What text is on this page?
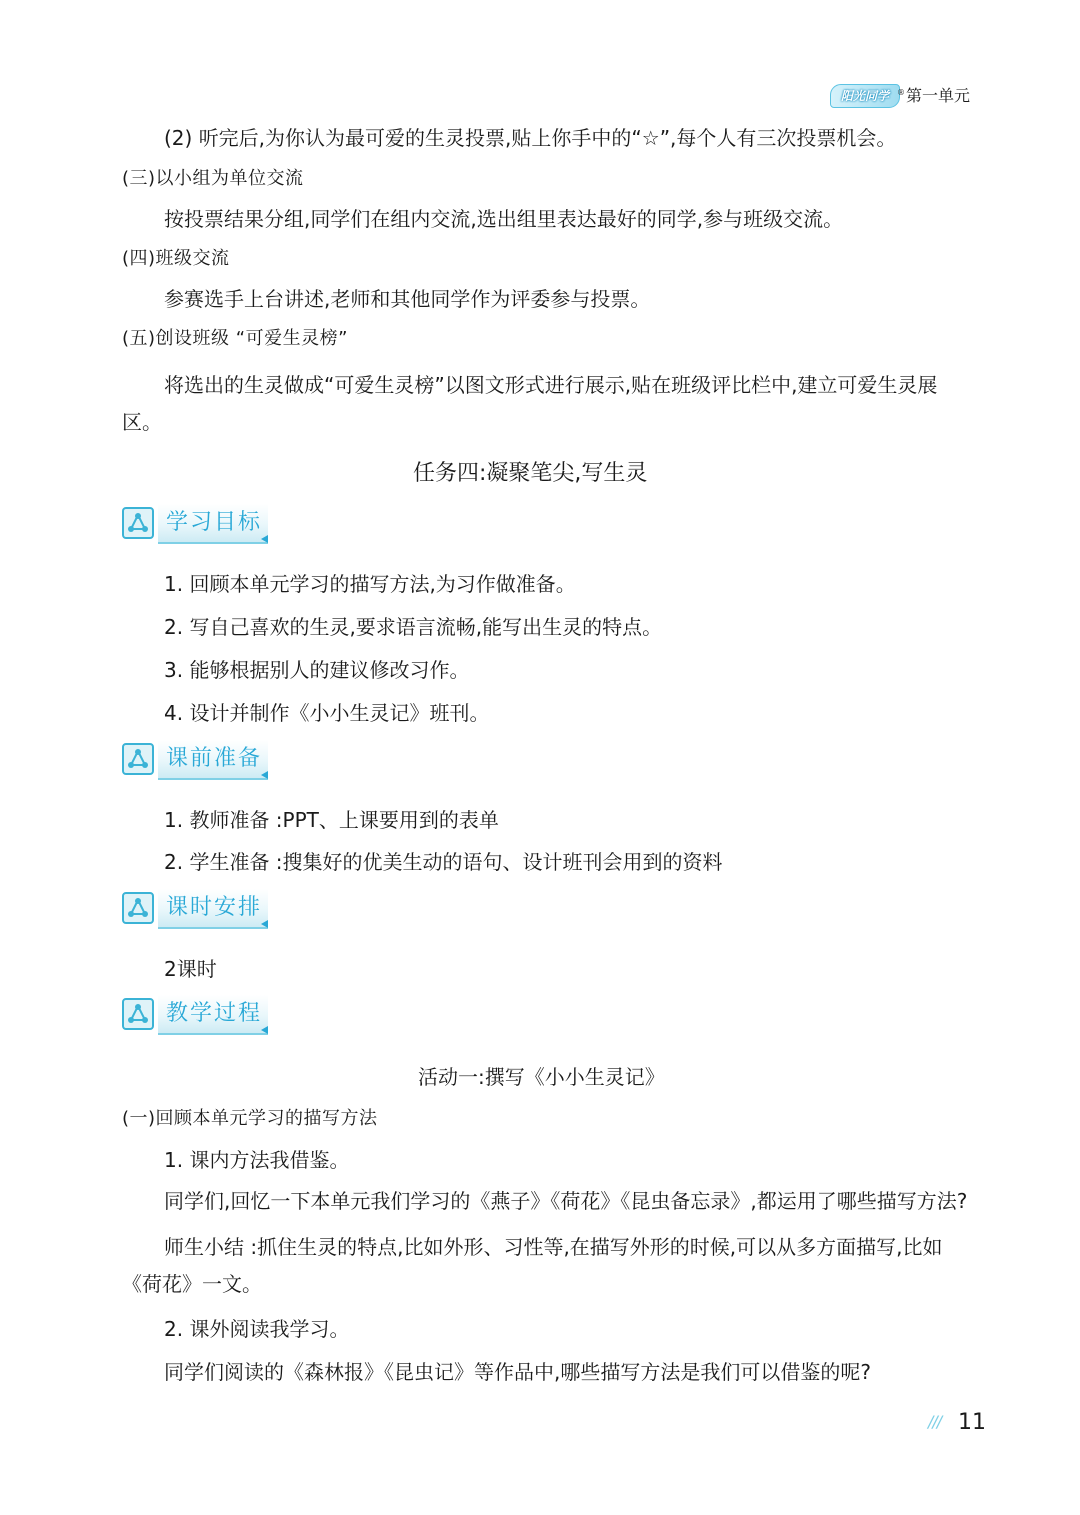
阳光同学	® 第一单元
(2) 听完后,为你认为最可爱的生灵投票,贴上你手中的“☆”,每个人有三次投票机会。
(三)以小组为单位交流
按投票结果分组,同学们在组内交流,选出组里表达最好的同学,参与班级交流。
(四)班级交流
参赛选手上台讲述,老师和其他同学作为评委参与投票。
(五)创设班级 “可爱生灵榜”
将选出的生灵做成“可爱生灵榜”以图文形式进行展示,贴在班级评比栏中,建立可爱生灵展区。
任务四:凝聚笔尖,写生灵
学习目标
1. 回顾本单元学习的描写方法,为习作做准备。
2. 写自己喜欢的生灵,要求语言流畅,能写出生灵的特点。
3. 能够根据别人的建议修改习作。
4. 设计并制作《小小生灵记》班刊。
课前准备
1. 教师准备 :PPT、上课要用到的表单
2. 学生准备 :搜集好的优美生动的语句、设计班刊会用到的资料
课时安排
2课时
教学过程
活动一:撰写《小小生灵记》
(一)回顾本单元学习的描写方法
1. 课内方法我借鉴。
同学们,回忆一下本单元我们学习的《燕子》《荷花》《昆虫备忘录》,都运用了哪些描写方法?
师生小结 :抓住生灵的特点,比如外形、习性等,在描写外形的时候,可以从多方面描写,比如《荷花》一文。
2. 课外阅读我学习。
同学们阅读的《森林报》《昆虫记》等作品中,哪些描写方法是我们可以借鉴的呢?
/// 11
